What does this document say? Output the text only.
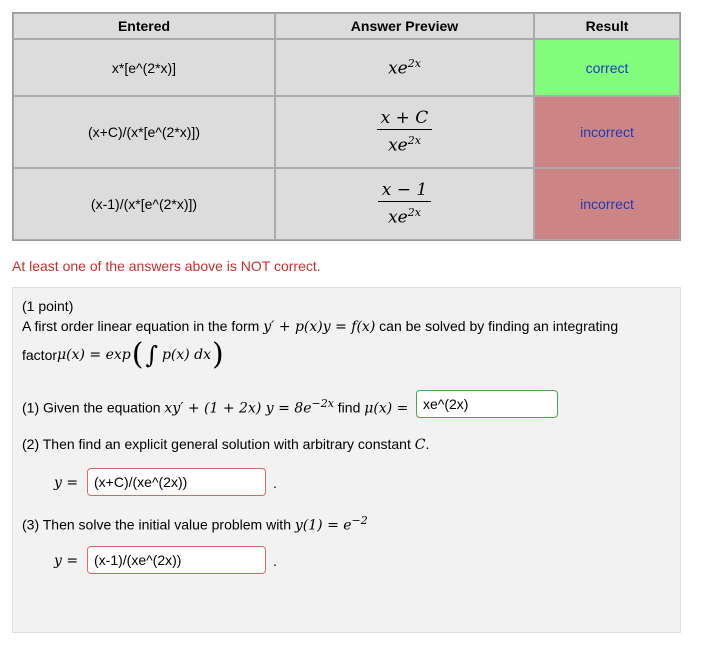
Entered	Answer Preview	Result
x*[e^(2*x)]	$xe^{2x}$	correct
(x+C)/(x*[e^(2*x)])	$\frac{x + C}{xe^{2x}}$	incorrect
(x-1)/(x*[e^(2*x)])	$\frac{x - 1}{xe^{2x}}$	incorrect
At least one of the answers above is NOT correct.
(1 point)
A first order linear equation in the form y′ + p(x)y = f(x) can be solved by finding an integrating
factor μ(x) = exp ( ∫ p(x) dx )
(1) Given the equation xy′ + (1 + 2x) $y = 8e^{-2x}$ find μ(x) =
xe^(2x)
(2) Then find an explicit general solution with arbitrary constant C.
y =
(x+C)/(xe^(2x))	.
(3) Then solve the initial value problem with $y(1) = e^{-2}$
y =
(x-1)/(xe^(2x))	.
